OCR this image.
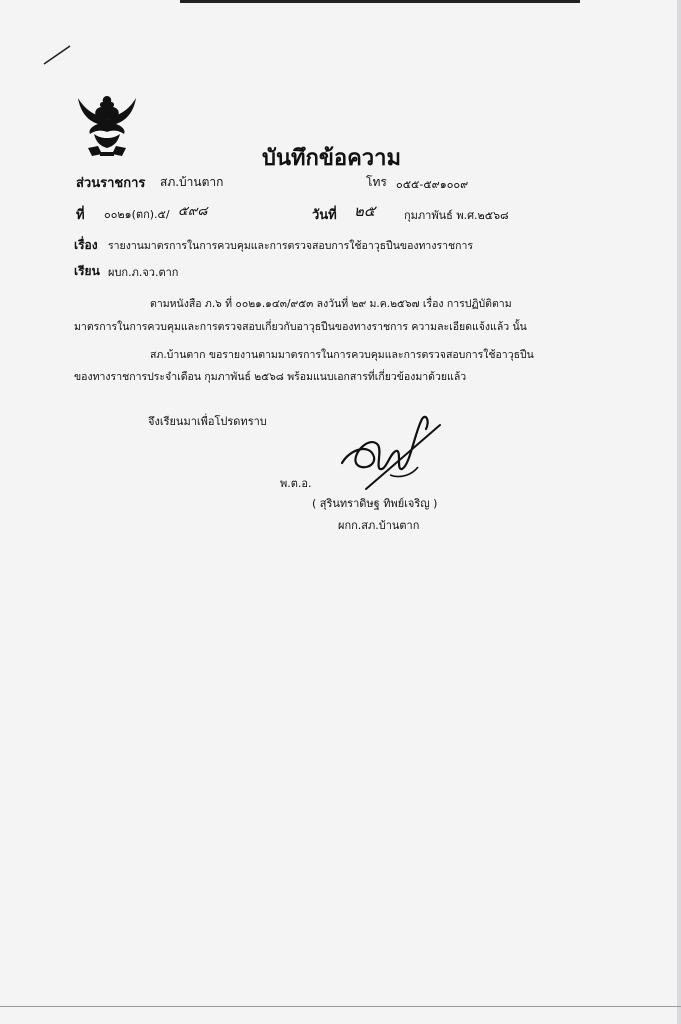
บันทึกข้อความ
ส่วนราชการ สภ.บ้านตาก	โทร ๐๕๕-๕๙๑๐๐๙
ที่ ๐๐๒๑(ตก).๕/ ๕๙๘	วันที่ ๒๕	กุมภาพันธ์ พ.ศ.๒๕๖๘
เรื่อง รายงานมาตรการในการควบคุมและการตรวจสอบการใช้อาวุธปืนของทางราชการ
เรียน ผบก.ภ.จว.ตาก
ตามหนังสือ ภ.๖ ที่ ๐๐๒๑.๑๔๓/๙๕๓ ลงวันที่ ๒๙ ม.ค.๒๕๖๗ เรื่อง การปฏิบัติตาม
มาตรการในการควบคุมและการตรวจสอบเกี่ยวกับอาวุธปืนของทางราชการ ความละเอียดแจ้งแล้ว นั้น
สภ.บ้านตาก ขอรายงานตามมาตรการในการควบคุมและการตรวจสอบการใช้อาวุธปืน
ของทางราชการประจำเดือน กุมภาพันธ์ ๒๕๖๘ พร้อมแนบเอกสารที่เกี่ยวข้องมาด้วยแล้ว
จึงเรียนมาเพื่อโปรดทราบ
พ.ต.อ.
( สุรินทราดิษฐ ทิพย์เจริญ )
ผกก.สภ.บ้านตาก
